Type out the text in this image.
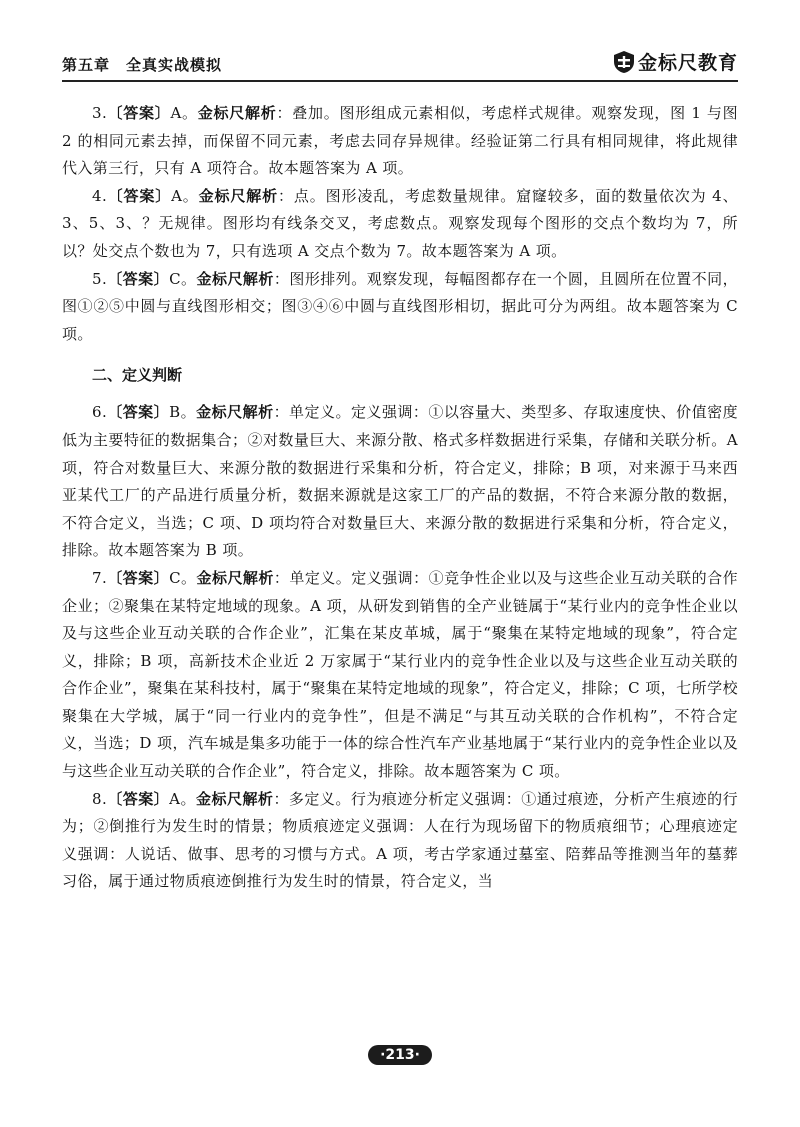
第五章　全真实战模拟	金标尺教育

3.〔答案〕A。金标尺解析：叠加。图形组成元素相似，考虑样式规律。观察发现，图 1 与图 2 的相同元素去掉，而保留不同元素，考虑去同存异规律。经验证第二行具有相同规律，将此规律代入第三行，只有 A 项符合。故本题答案为 A 项。

4.〔答案〕A。金标尺解析：点。图形凌乱，考虑数量规律。窟窿较多，面的数量依次为 4、3、5、3、？无规律。图形均有线条交叉，考虑数点。观察发现每个图形的交点个数均为 7，所以？处交点个数也为 7，只有选项 A 交点个数为 7。故本题答案为 A 项。

5.〔答案〕C。金标尺解析：图形排列。观察发现，每幅图都存在一个圆，且圆所在位置不同，图①②⑤中圆与直线图形相交；图③④⑥中圆与直线图形相切，据此可分为两组。故本题答案为 C 项。

二、定义判断

6.〔答案〕B。金标尺解析：单定义。定义强调：①以容量大、类型多、存取速度快、价值密度低为主要特征的数据集合；②对数量巨大、来源分散、格式多样数据进行采集，存储和关联分析。A 项，符合对数量巨大、来源分散的数据进行采集和分析，符合定义，排除；B 项，对来源于马来西亚某代工厂的产品进行质量分析，数据来源就是这家工厂的产品的数据，不符合来源分散的数据，不符合定义，当选；C 项、D 项均符合对数量巨大、来源分散的数据进行采集和分析，符合定义，排除。故本题答案为 B 项。

7.〔答案〕C。金标尺解析：单定义。定义强调：①竞争性企业以及与这些企业互动关联的合作企业；②聚集在某特定地域的现象。A 项，从研发到销售的全产业链属于“某行业内的竞争性企业以及与这些企业互动关联的合作企业”，汇集在某皮革城，属于“聚集在某特定地域的现象”，符合定义，排除；B 项，高新技术企业近 2 万家属于“某行业内的竞争性企业以及与这些企业互动关联的合作企业”，聚集在某科技村，属于“聚集在某特定地域的现象”，符合定义，排除；C 项，七所学校聚集在大学城，属于“同一行业内的竞争性”，但是不满足“与其互动关联的合作机构”，不符合定义，当选；D 项，汽车城是集多功能于一体的综合性汽车产业基地属于“某行业内的竞争性企业以及与这些企业互动关联的合作企业”，符合定义，排除。故本题答案为 C 项。

8.〔答案〕A。金标尺解析：多定义。行为痕迹分析定义强调：①通过痕迹，分析产生痕迹的行为；②倒推行为发生时的情景；物质痕迹定义强调：人在行为现场留下的物质痕细节；心理痕迹定义强调：人说话、做事、思考的习惯与方式。A 项，考古学家通过墓室、陪葬品等推测当年的墓葬习俗，属于通过物质痕迹倒推行为发生时的情景，符合定义，当

·213·
